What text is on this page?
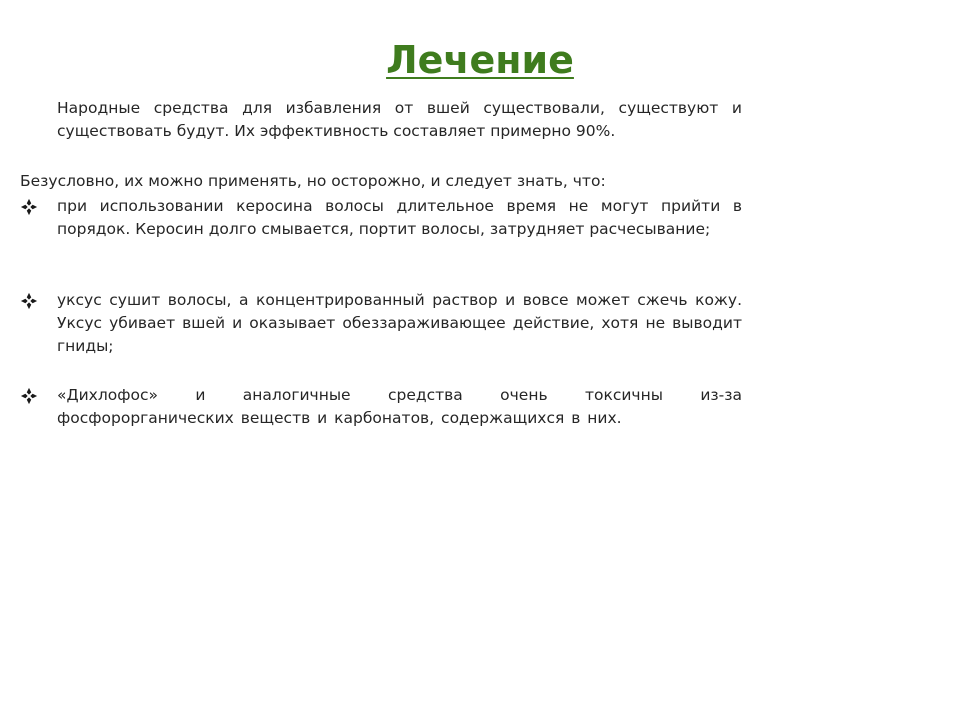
Лечение
Народные средства для избавления от вшей существовали, существуют и существовать будут. Их эффективность составляет примерно 90%.
Безусловно, их можно применять, но осторожно, и следует знать, что:
при использовании керосина волосы длительное время не могут прийти в порядок. Керосин долго смывается, портит волосы, затрудняет расчесывание;
уксус сушит волосы, а концентрированный раствор и вовсе может сжечь кожу. Уксус убивает вшей и оказывает обеззараживающее действие, хотя не выводит гниды;
«Дихлофос» и аналогичные средства очень токсичны из-за фосфорорганических веществ и карбонатов, содержащихся в них.
